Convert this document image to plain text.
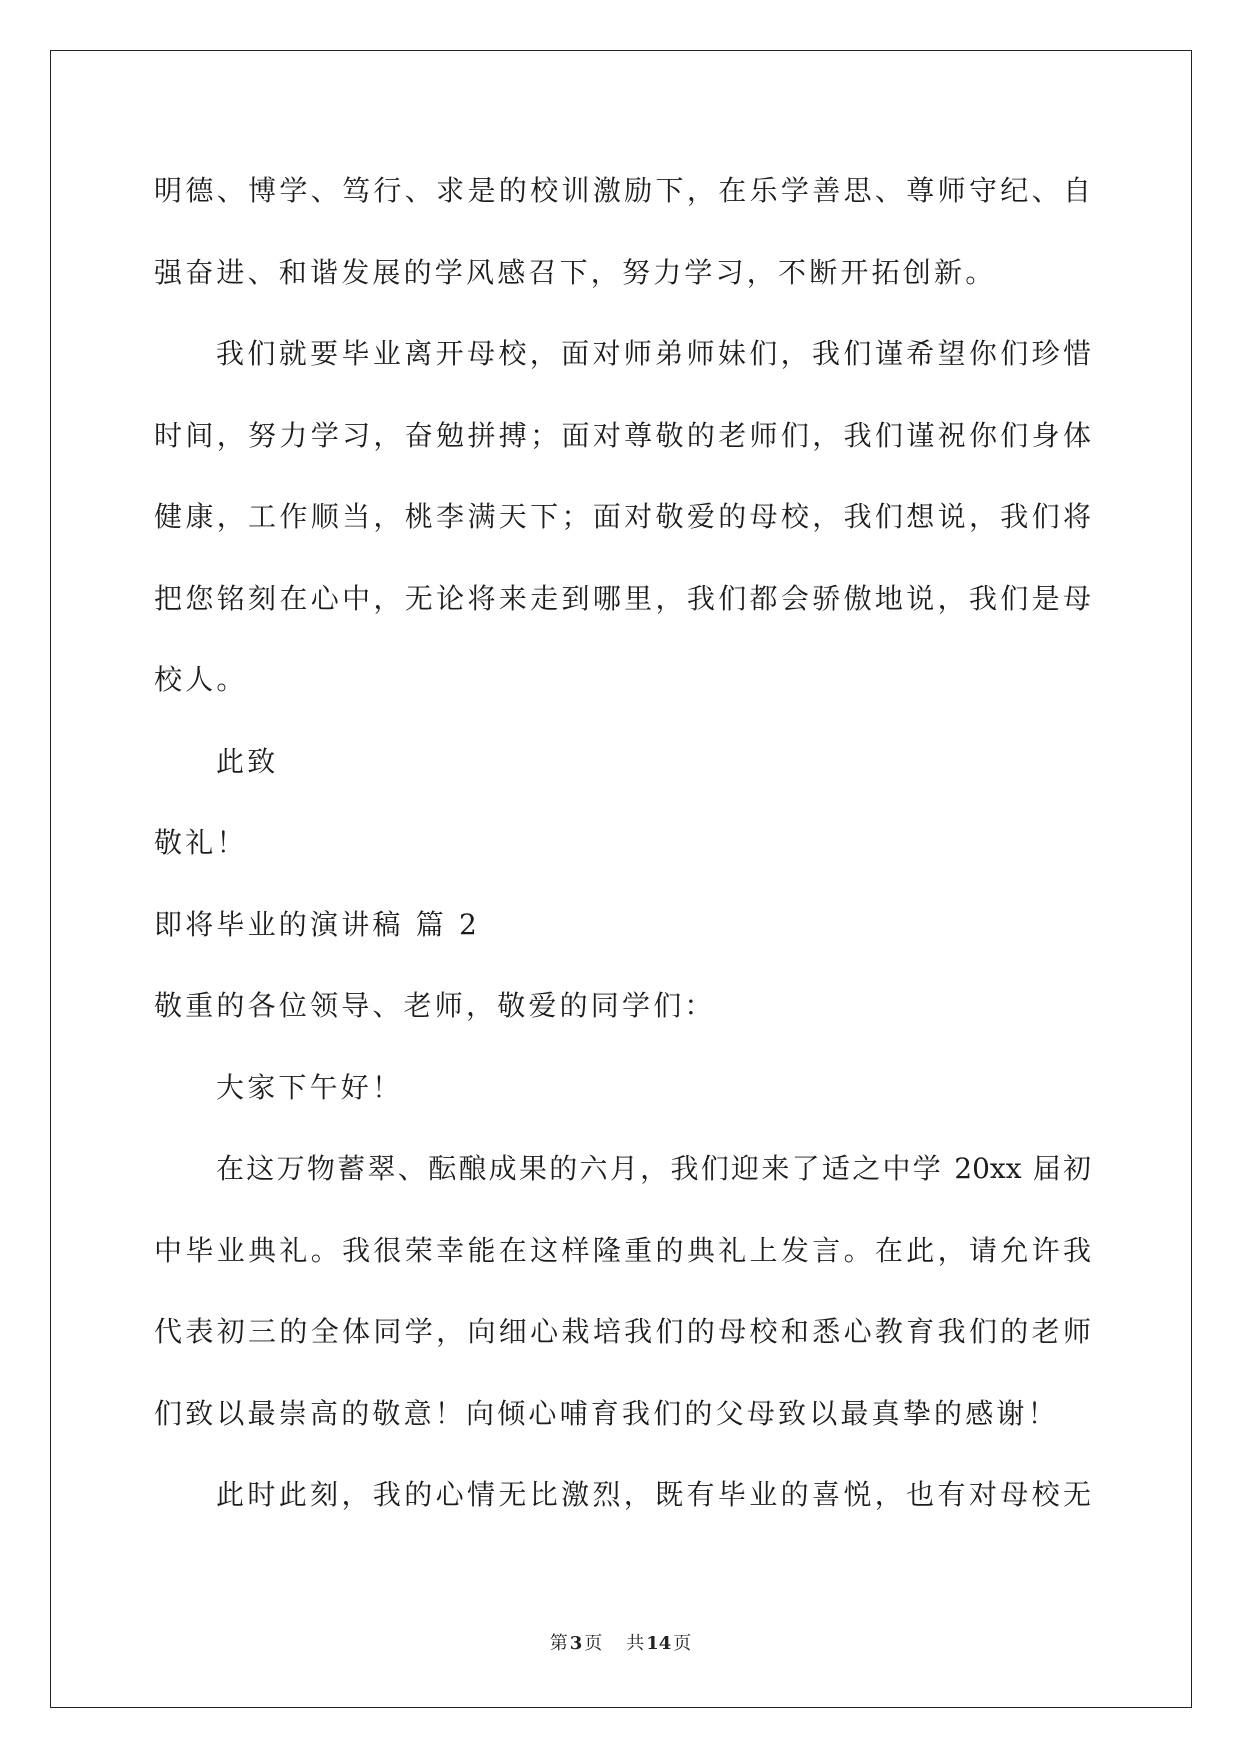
明德、博学、笃行、求是的校训激励下，在乐学善思、尊师守纪、自
强奋进、和谐发展的学风感召下，努力学习，不断开拓创新。
我们就要毕业离开母校，面对师弟师妹们，我们谨希望你们珍惜
时间，努力学习，奋勉拼搏；面对尊敬的老师们，我们谨祝你们身体
健康，工作顺当，桃李满天下；面对敬爱的母校，我们想说，我们将
把您铭刻在心中，无论将来走到哪里，我们都会骄傲地说，我们是母
校人。
此致
敬礼！
即将毕业的演讲稿 篇 2
敬重的各位领导、老师，敬爱的同学们：
大家下午好！
在这万物蓄翠、酝酿成果的六月，我们迎来了适之中学 20xx 届初
中毕业典礼。我很荣幸能在这样隆重的典礼上发言。在此，请允许我
代表初三的全体同学，向细心栽培我们的母校和悉心教育我们的老师
们致以最崇高的敬意！向倾心哺育我们的父母致以最真挚的感谢！
此时此刻，我的心情无比激烈，既有毕业的喜悦，也有对母校无
第 3 页 共 14 页
